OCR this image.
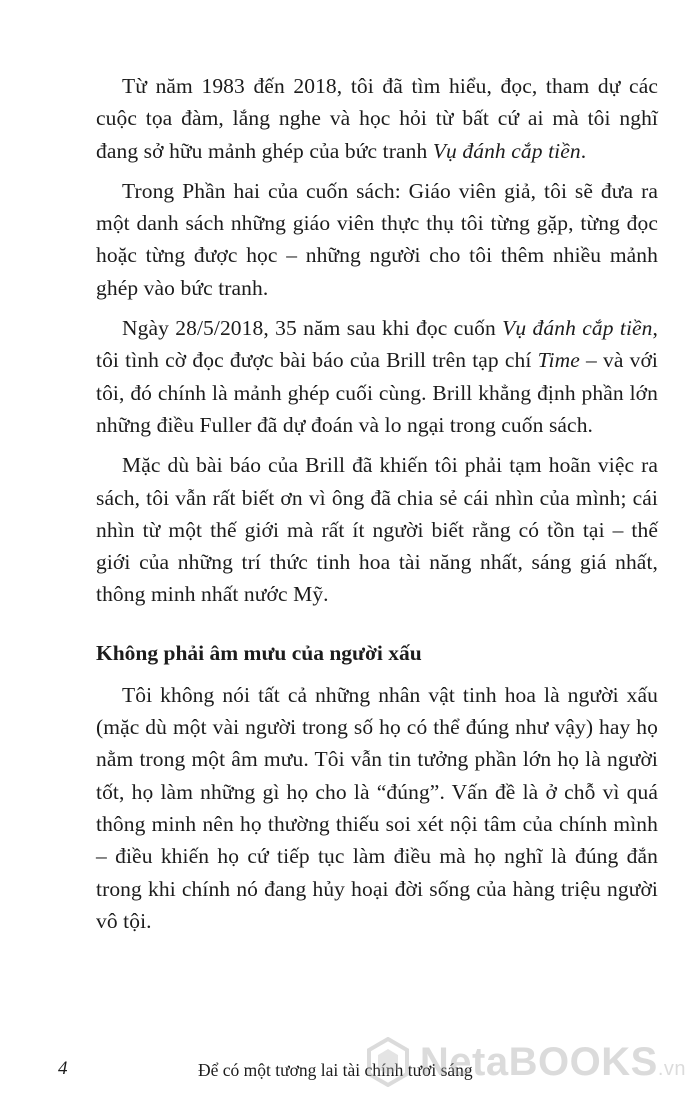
Từ năm 1983 đến 2018, tôi đã tìm hiểu, đọc, tham dự các cuộc tọa đàm, lắng nghe và học hỏi từ bất cứ ai mà tôi nghĩ đang sở hữu mảnh ghép của bức tranh Vụ đánh cắp tiền.

Trong Phần hai của cuốn sách: Giáo viên giả, tôi sẽ đưa ra một danh sách những giáo viên thực thụ tôi từng gặp, từng đọc hoặc từng được học – những người cho tôi thêm nhiều mảnh ghép vào bức tranh.

Ngày 28/5/2018, 35 năm sau khi đọc cuốn Vụ đánh cắp tiền, tôi tình cờ đọc được bài báo của Brill trên tạp chí Time – và với tôi, đó chính là mảnh ghép cuối cùng. Brill khẳng định phần lớn những điều Fuller đã dự đoán và lo ngại trong cuốn sách.

Mặc dù bài báo của Brill đã khiến tôi phải tạm hoãn việc ra sách, tôi vẫn rất biết ơn vì ông đã chia sẻ cái nhìn của mình; cái nhìn từ một thế giới mà rất ít người biết rằng có tồn tại – thế giới của những trí thức tinh hoa tài năng nhất, sáng giá nhất, thông minh nhất nước Mỹ.

Không phải âm mưu của người xấu

Tôi không nói tất cả những nhân vật tinh hoa là người xấu (mặc dù một vài người trong số họ có thể đúng như vậy) hay họ nằm trong một âm mưu. Tôi vẫn tin tưởng phần lớn họ là người tốt, họ làm những gì họ cho là “đúng”. Vấn đề là ở chỗ vì quá thông minh nên họ thường thiếu soi xét nội tâm của chính mình – điều khiến họ cứ tiếp tục làm điều mà họ nghĩ là đúng đắn trong khi chính nó đang hủy hoại đời sống của hàng triệu người vô tội.

4	Để có một tương lai tài chính tươi sáng
NetaBOOKS.vn
